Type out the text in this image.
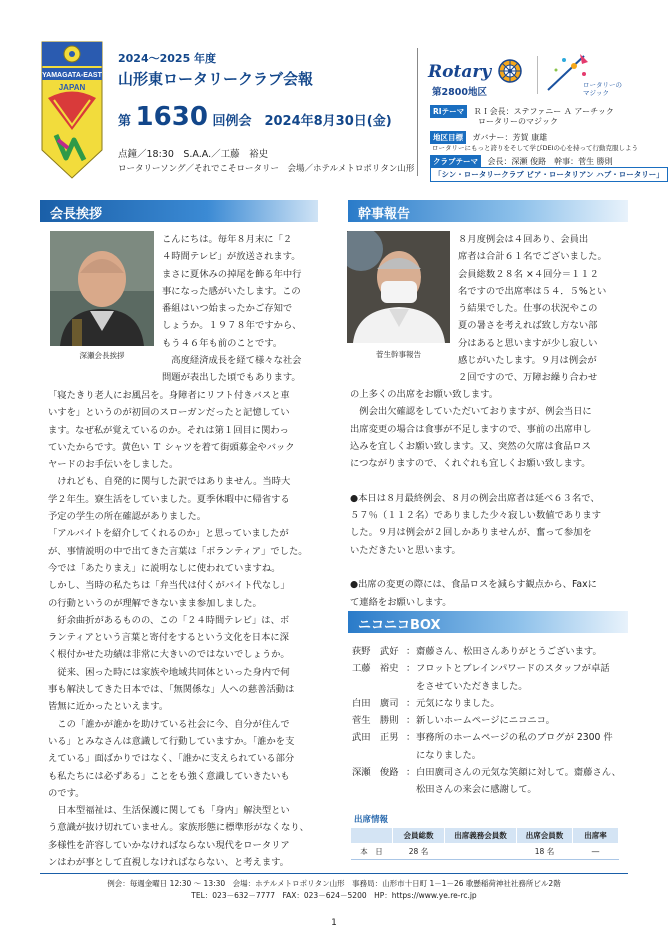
YAMAGATA-EAST
JAPAN
2024～2025 年度
山形東ロータリークラブ会報
第 1630 回例会　2024年8月30日(金)
点鐘／18:30　S.A.A.／工藤　裕史
ロータリーソング／それでこそロータリー　会場／ホテルメトロポリタン山形
Rotary
第2800地区
ロータリーの
マジック
RIテーマ ＲＩ会長：ステファニー Ａ アーチック
ロータリーのマジック
地区目標 ガバナー：芳賀 康雄
ロータリーにもっと誇りをそして学びDEIの心を持って行動克服しよう
クラブテーマ 会長：深瀬 俊路　幹事：菅生 勝則
「シン・ロータリークラブ ビア・ロータリアン ハブ・ロータリー」
会長挨拶
深瀬会長挨拶

こんにちは。毎年８月末に「２

４時間テレビ」が放送されます。

まさに夏休みの掉尾を飾る年中行

事になった感がいたします。この

番組はいつ始まったかご存知で

しょうか。１９７８年ですから、

もう４６年も前のことです。

　高度経済成長を経て様々な社会

問題が表出した頃でもあります。

「寝たきり老人にお風呂を。身障者にリフト付きバスと車

いすを」というのが初回のスローガンだったと記憶してい

ます。なぜ私が覚えているのか。それは第１回目に関わっ

ていたからです。黄色い Ｔ シャツを着て街頭募金やバック

ヤードのお手伝いをしました。

　けれども、自発的に関与した訳ではありません。当時大

学２年生。寮生活をしていました。夏季休暇中に帰省する

予定の学生の所在確認がありました。

「アルバイトを紹介してくれるのか」と思っていましたが

が、事情説明の中で出てきた言葉は「ボランティア」でした。

今では「あたりまえ」に説明なしに使われていますね。

しかし、当時の私たちは「弁当代は付くがバイト代なし」

の行動というのが理解できないまま参加しました。

　紆余曲折があるものの、この「２４時間テレビ」は、ボ

ランティアという言葉と寄付をするという文化を日本に深

く根付かせた功績は非常に大きいのではないでしょうか。

　従来、困った時には家族や地域共同体といった身内で何

事も解決してきた日本では、「無関係な」人への慈善活動は

皆無に近かったといえます。

　この「誰かが誰かを助けている社会に今、自分が住んで

いる」とみなさんは意識して行動していますか。「誰かを支

えている」面ばかりではなく、「誰かに支えられている部分

も私たちには必ずある」ことをも強く意識していきたいも

のです。

　日本型福祉は、生活保護に関しても「身内」解決型とい

う意識が抜け切れていません。家族形態に標準形がなくなり、

多様性を許容していかなければならない現代をロータリア

ンはわが事として直視しなければならない、と考えます。

幹事報告
菅生幹事報告

８月度例会は４回あり、会員出

席者は合計６１名でございました。

会員総数２８名 ×４回分＝１１２

名ですので出席率は５４．５%とい

う結果でした。仕事の状況やこの

夏の暑さを考えれば致し方ない部

分はあると思いますが少し寂しい

感じがいたします。９月は例会が

２回ですので、万障お繰り合わせ

の上多くの出席をお願い致します。

　例会出欠確認をしていただいておりますが、例会当日に

出席変更の場合は食事が不足しますので、事前の出席申し

込みを宜しくお願い致します。又、突然の欠席は食品ロス

につながりますので、くれぐれも宜しくお願い致します。

●本日は８月最終例会、８月の例会出席者は延べ６３名で、

５７％（１１２名）でありました少々寂しい数値であります

した。９月は例会が２回しかありませんが、奮って参加を

いただきたいと思います。

●出席の変更の際には、食品ロスを減らす観点から、Faxに

て連絡をお願いします。

ニコニコBOX
荻野　武好 ： 齋藤さん、松田さんありがとうございます。
工藤　裕史 ： フロットとブレインパワードのスタッフが卓話
をさせていただきました。
白田　廣司 ： 元気になりました。
菅生　勝則 ： 新しいホームページにニコニコ。
武田　正男 ： 事務所のホームページの私のブログが 2300 件
になりました。
深瀬　俊路 ： 白田廣司さんの元気な笑顔に対して。齋藤さん、
松田さんの来会に感謝して。
出席情報
	会員総数	出席義務会員数	出席会員数	出席率
本　日	28 名		18 名	―
例会：毎週金曜日 12:30 ～ 13:30　会場：ホテルメトロポリタン山形　事務局：山形市十日町 1－1－26 歌懸稲荷神社社務所ビル2階
TEL：023－632－7777　FAX：023－624－5200　HP：https://www.ye.re-rc.jp
1
